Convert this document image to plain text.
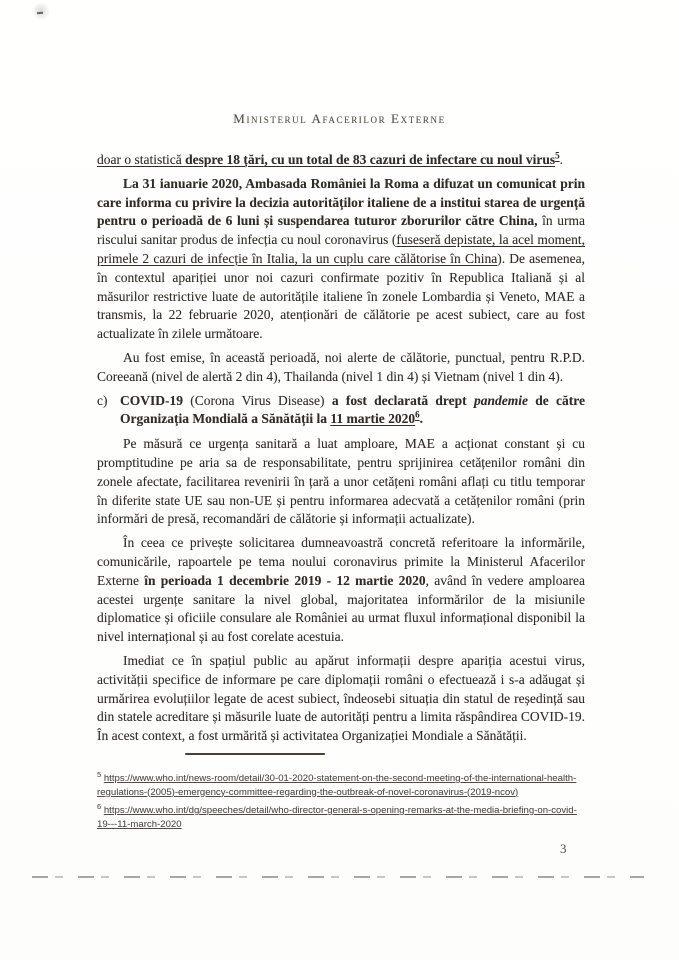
Ministerul Afacerilor Externe

doar o statistică despre 18 țări, cu un total de 83 cazuri de infectare cu noul virus$^5$.

La 31 ianuarie 2020, Ambasada României la Roma a difuzat un comunicat prin care informa cu privire la decizia autorităților italiene de a institui starea de urgență pentru o perioadă de 6 luni și suspendarea tuturor zborurilor către China, în urma riscului sanitar produs de infecția cu noul coronavirus (fuseseră depistate, la acel moment, primele 2 cazuri de infecție în Italia, la un cuplu care călătorise în China). De asemenea, în contextul apariției unor noi cazuri confirmate pozitiv în Republica Italiană și al măsurilor restrictive luate de autoritățile italiene în zonele Lombardia și Veneto, MAE a transmis, la 22 februarie 2020, atenționări de călătorie pe acest subiect, care au fost actualizate în zilele următoare.

Au fost emise, în această perioadă, noi alerte de călătorie, punctual, pentru R.P.D. Coreeană (nivel de alertă 2 din 4), Thailanda (nivel 1 din 4) și Vietnam (nivel 1 din 4).

c) COVID-19 (Corona Virus Disease) a fost declarată drept pandemie de către Organizația Mondială a Sănătății la 11 martie 2020$^6$.

Pe măsură ce urgența sanitară a luat amploare, MAE a acționat constant și cu promptitudine pe aria sa de responsabilitate, pentru sprijinirea cetățenilor români din zonele afectate, facilitarea revenirii în țară a unor cetățeni români aflați cu titlu temporar în diferite state UE sau non-UE și pentru informarea adecvată a cetățenilor români (prin informări de presă, recomandări de călătorie și informații actualizate).

În ceea ce privește solicitarea dumneavoastră concretă referitoare la informările, comunicările, rapoartele pe tema noului coronavirus primite la Ministerul Afacerilor Externe în perioada 1 decembrie 2019 - 12 martie 2020, având în vedere amploarea acestei urgențe sanitare la nivel global, majoritatea informărilor de la misiunile diplomatice și oficiile consulare ale României au urmat fluxul informațional disponibil la nivel internațional și au fost corelate acestuia.

Imediat ce în spațiul public au apărut informații despre apariția acestui virus, activității specifice de informare pe care diplomații români o efectuează i s-a adăugat și urmărirea evoluțiilor legate de acest subiect, îndeosebi situația din statul de reședință sau din statele acreditare și măsurile luate de autorități pentru a limita răspândirea COVID-19. În acest context, a fost urmărită și activitatea Organizației Mondiale a Sănătății.

$^5$ https://www.who.int/news-room/detail/30-01-2020-statement-on-the-second-meeting-of-the-international-health-regulations-(2005)-emergency-committee-regarding-the-outbreak-of-novel-coronavirus-(2019-ncov)

$^6$ https://www.who.int/dg/speeches/detail/who-director-general-s-opening-remarks-at-the-media-briefing-on-covid-19---11-march-2020

3
